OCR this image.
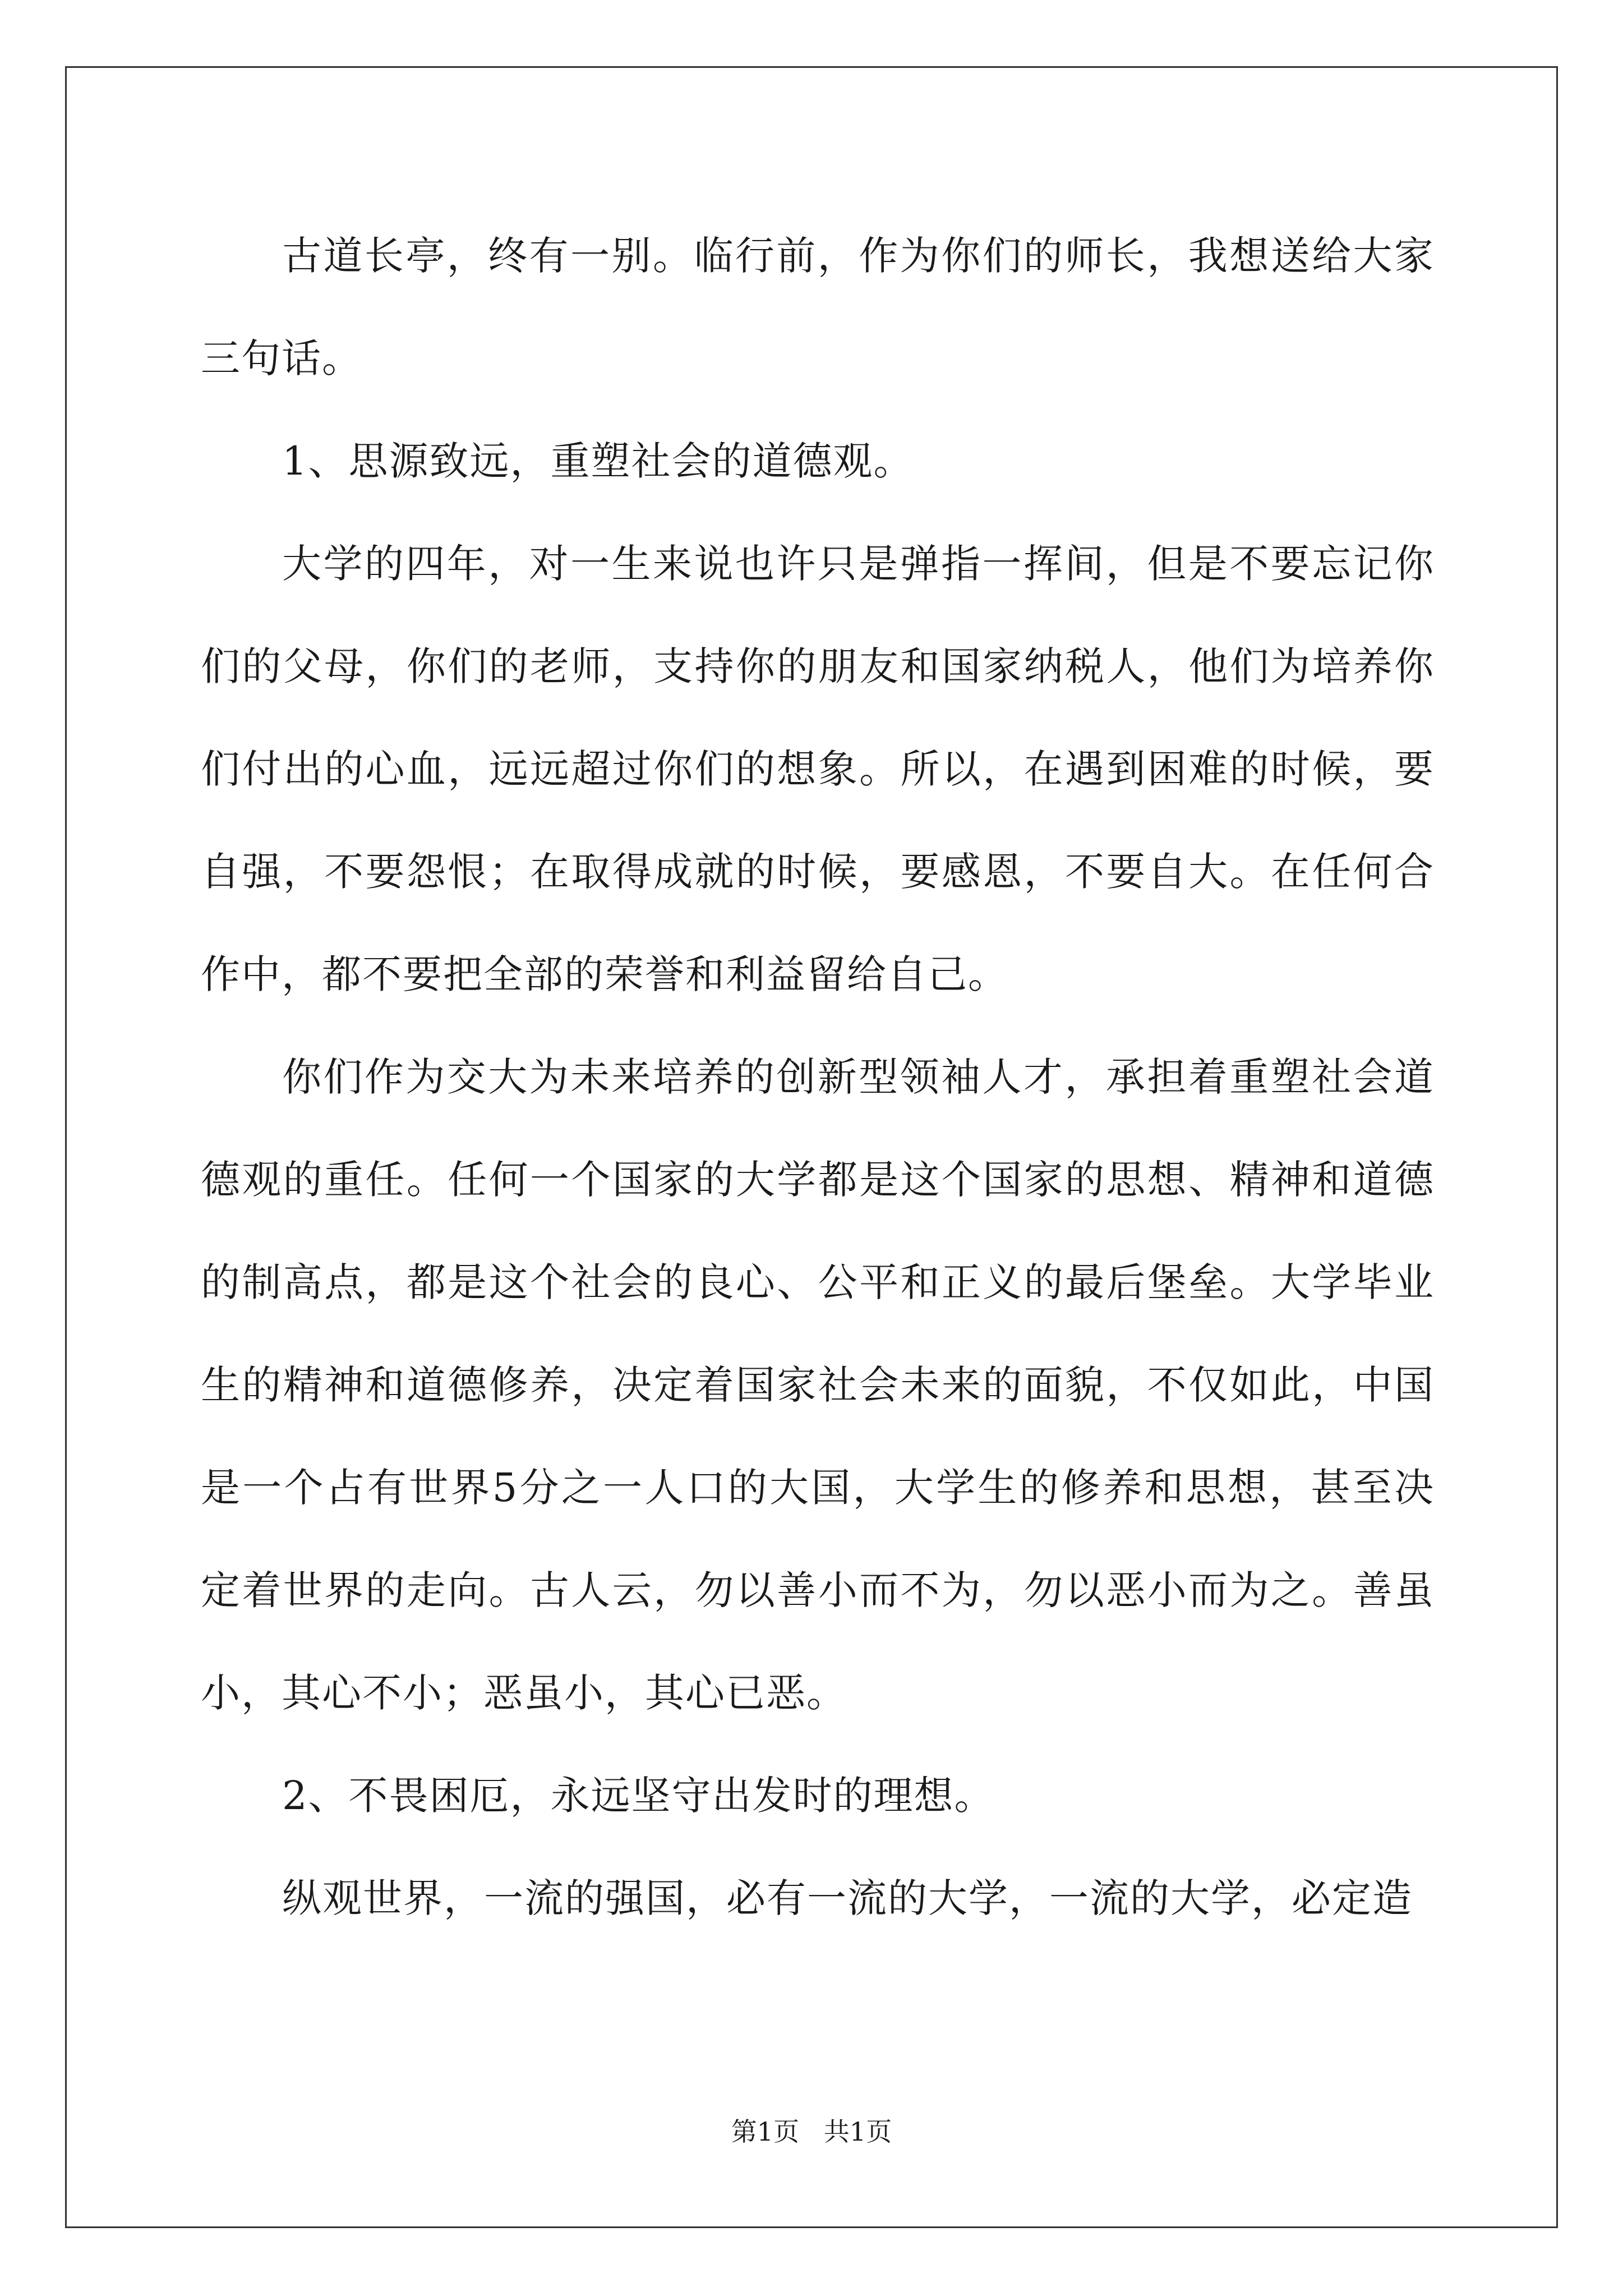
古道长亭，终有一别。临行前，作为你们的师长，我想送给大家三句话。

1、思源致远，重塑社会的道德观。

大学的四年，对一生来说也许只是弹指一挥间，但是不要忘记你们的父母，你们的老师，支持你的朋友和国家纳税人，他们为培养你们付出的心血，远远超过你们的想象。所以，在遇到困难的时候，要自强，不要怨恨；在取得成就的时候，要感恩，不要自大。在任何合作中，都不要把全部的荣誉和利益留给自己。

你们作为交大为未来培养的创新型领袖人才，承担着重塑社会道德观的重任。任何一个国家的大学都是这个国家的思想、精神和道德的制高点，都是这个社会的良心、公平和正义的最后堡垒。大学毕业生的精神和道德修养，决定着国家社会未来的面貌，不仅如此，中国是一个占有世界5分之一人口的大国，大学生的修养和思想，甚至决定着世界的走向。古人云，勿以善小而不为，勿以恶小而为之。善虽小，其心不小；恶虽小，其心已恶。

2、不畏困厄，永远坚守出发时的理想。

纵观世界，一流的强国，必有一流的大学，一流的大学，必定造

第1页   共1页
